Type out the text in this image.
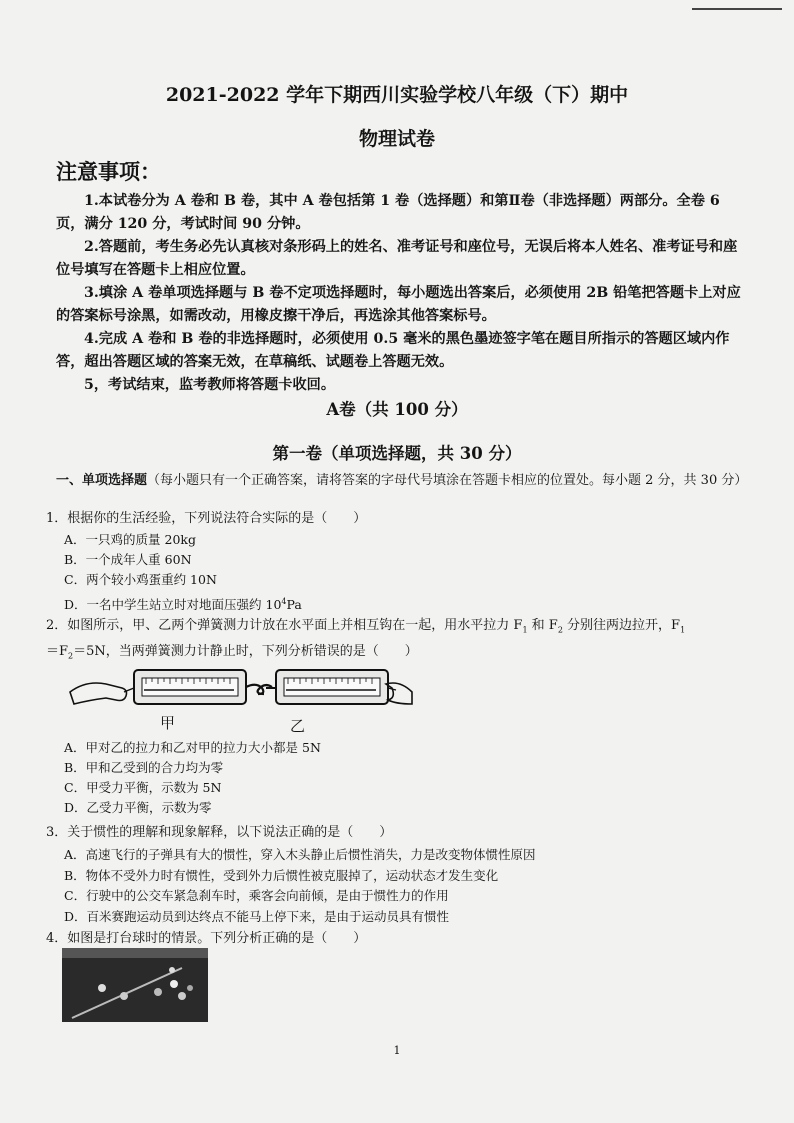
2021-2022 学年下期西川实验学校八年级（下）期中
物理试卷
注意事项：

1.本试卷分为 A 卷和 B 卷，其中 A 卷包括第 1 卷（选择题）和第Ⅱ卷（非选择题）两部分。全卷 6 页，满分 120 分，考试时间 90 分钟。

2.答题前，考生务必先认真核对条形码上的姓名、准考证号和座位号，无误后将本人姓名、准考证号和座位号填写在答题卡上相应位置。

3.填涂 A 卷单项选择题与 B 卷不定项选择题时，每小题选出答案后，必须使用 2B 铅笔把答题卡上对应的答案标号涂黑，如需改动，用橡皮擦干净后，再选涂其他答案标号。

4.完成 A 卷和 B 卷的非选择题时，必须使用 0.5 毫米的黑色墨迹签字笔在题目所指示的答题区域内作答，超出答题区域的答案无效，在草稿纸、试题卷上答题无效。

5，考试结束，监考教师将答题卡收回。

A卷（共 100 分）
第一卷（单项选择题，共 30 分）
一、单项选择题（每小题只有一个正确答案，请将答案的字母代号填涂在答题卡相应的位置处。每小题 2 分，共 30 分）
1．根据你的生活经验，下列说法符合实际的是（　　）
A．一只鸡的质量 20kg
B．一个成年人重 60N
C．两个较小鸡蛋重约 10N
D．一名中学生站立时对地面压强约 $10^4Pa$
2．如图所示，甲、乙两个弹簧测力计放在水平面上并相互钩在一起，用水平拉力 $F_1$ 和 $F_2$ 分别往两边拉开，$F_1$
$=F_2=5N$，当两弹簧测力计静止时，下列分析错误的是（　　）
甲	乙
A．甲对乙的拉力和乙对甲的拉力大小都是 5N
B．甲和乙受到的合力均为零
C．甲受力平衡，示数为 5N
D．乙受力平衡，示数为零
3．关于惯性的理解和现象解释，以下说法正确的是（　　）
A．高速飞行的子弹具有大的惯性，穿入木头静止后惯性消失，力是改变物体惯性原因
B．物体不受外力时有惯性，受到外力后惯性被克服掉了，运动状态才发生变化
C．行驶中的公交车紧急刹车时，乘客会向前倾，是由于惯性力的作用
D．百米赛跑运动员到达终点不能马上停下来，是由于运动员具有惯性
4．如图是打台球时的情景。下列分析正确的是（　　）
1
